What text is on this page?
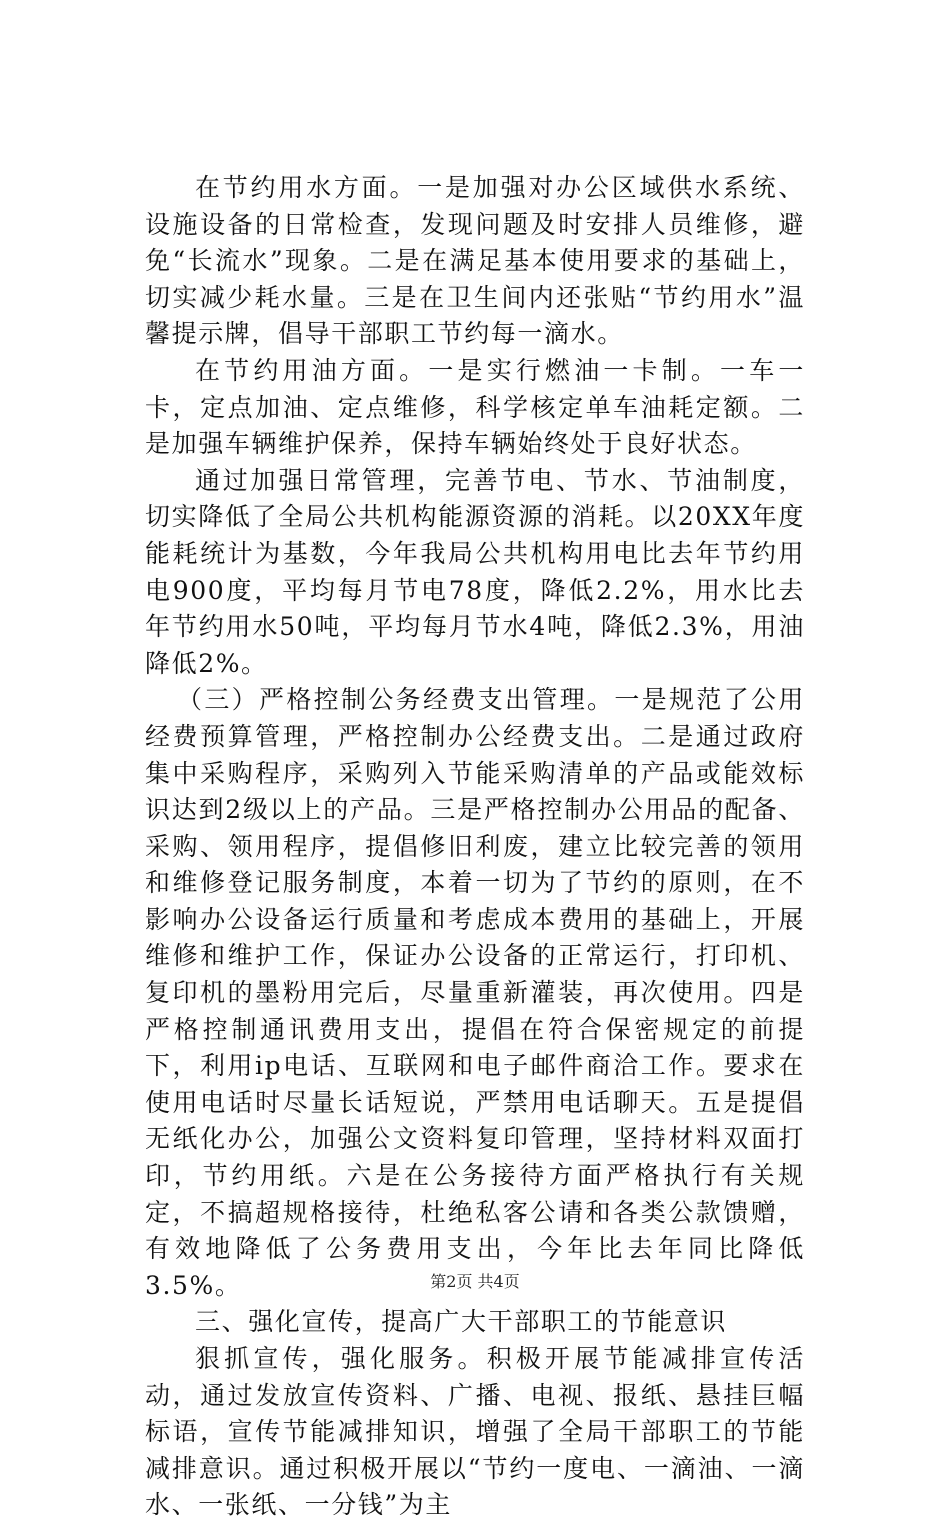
在节约用水方面。一是加强对办公区域供水系统、设施设备的日常检查，发现问题及时安排人员维修，避免“长流水”现象。二是在满足基本使用要求的基础上，切实减少耗水量。三是在卫生间内还张贴“节约用水”温馨提示牌，倡导干部职工节约每一滴水。

在节约用油方面。一是实行燃油一卡制。一车一卡，定点加油、定点维修，科学核定单车油耗定额。二是加强车辆维护保养，保持车辆始终处于良好状态。

通过加强日常管理，完善节电、节水、节油制度，切实降低了全局公共机构能源资源的消耗。以20XX年度能耗统计为基数，今年我局公共机构用电比去年节约用电900度，平均每月节电78度，降低2.2%，用水比去年节约用水50吨，平均每月节水4吨，降低2.3%，用油降低2%。

（三）严格控制公务经费支出管理。一是规范了公用经费预算管理，严格控制办公经费支出。二是通过政府集中采购程序，采购列入节能采购清单的产品或能效标识达到2级以上的产品。三是严格控制办公用品的配备、采购、领用程序，提倡修旧利废，建立比较完善的领用和维修登记服务制度，本着一切为了节约的原则，在不影响办公设备运行质量和考虑成本费用的基础上，开展维修和维护工作，保证办公设备的正常运行，打印机、复印机的墨粉用完后，尽量重新灌装，再次使用。四是严格控制通讯费用支出，提倡在符合保密规定的前提下，利用ip电话、互联网和电子邮件商洽工作。要求在使用电话时尽量长话短说，严禁用电话聊天。五是提倡无纸化办公，加强公文资料复印管理，坚持材料双面打印，节约用纸。六是在公务接待方面严格执行有关规定，不搞超规格接待，杜绝私客公请和各类公款馈赠，有效地降低了公务费用支出，今年比去年同比降低3.5%。

三、强化宣传，提高广大干部职工的节能意识

狠抓宣传，强化服务。积极开展节能减排宣传活动，通过发放宣传资料、广播、电视、报纸、悬挂巨幅标语，宣传节能减排知识，增强了全局干部职工的节能减排意识。通过积极开展以“节约一度电、一滴油、一滴水、一张纸、一分钱”为主

第2页 共4页
